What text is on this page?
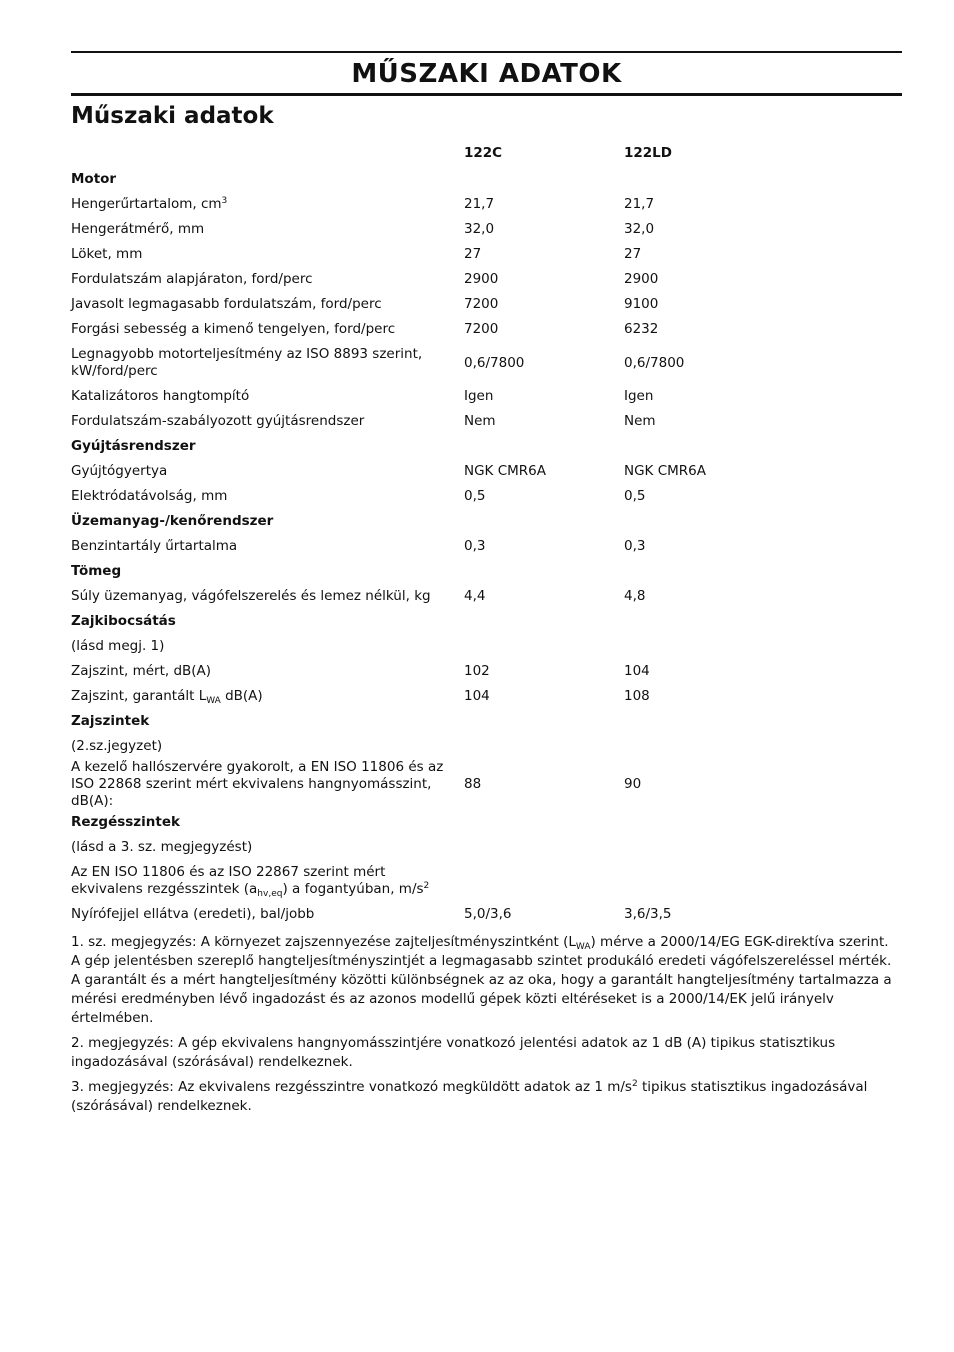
MŰSZAKI ADATOK
Műszaki adatok
	122C	122LD
Motor		
Hengerűrtartalom, $cm^3$	21,7	21,7
Hengerátmérő, mm	32,0	32,0
Löket, mm	27	27
Fordulatszám alapjáraton, ford/perc	2900	2900
Javasolt legmagasabb fordulatszám, ford/perc	7200	9100
Forgási sebesség a kimenő tengelyen, ford/perc	7200	6232
Legnagyobb motorteljesítmény az ISO 8893 szerint, kW/ford/perc	0,6/7800	0,6/7800
Katalizátoros hangtompító	Igen	Igen
Fordulatszám-szabályozott gyújtásrendszer	Nem	Nem
Gyújtásrendszer		
Gyújtógyertya	NGK CMR6A	NGK CMR6A
Elektródatávolság, mm	0,5	0,5
Üzemanyag-/kenőrendszer		
Benzintartály űrtartalma	0,3	0,3
Tömeg		
Súly üzemanyag, vágófelszerelés és lemez nélkül, kg	4,4	4,8
Zajkibocsátás		
(lásd megj. 1)		
Zajszint, mért, dB(A)	102	104
Zajszint, garantált $L_{WA}$ dB(A)	104	108
Zajszintek		
(2.sz.jegyzet)		
A kezelő hallószervére gyakorolt, a EN ISO 11806 és az ISO 22868 szerint mért ekvivalens hangnyomásszint, dB(A):	88	90
Rezgésszintek		
(lásd a 3. sz. megjegyzést)		
Az EN ISO 11806 és az ISO 22867 szerint mért ekvivalens rezgésszintek $(a_{hv,eq})$ a fogantyúban, $m/s^2$		
Nyírófejjel ellátva (eredeti), bal/jobb	5,0/3,6	3,6/3,5

1. sz. megjegyzés: A környezet zajszennyezése zajteljesítményszintként $(L_{WA})$ mérve a 2000/14/EG EGK-direktíva szerint. A gép jelentésben szereplő hangteljesítményszintjét a legmagasabb szintet produkáló eredeti vágófelszereléssel mérték. A garantált és a mért hangteljesítmény közötti különbségnek az az oka, hogy a garantált hangteljesítmény tartalmazza a mérési eredményben lévő ingadozást és az azonos modellű gépek közti eltéréseket is a 2000/14/EK jelű irányelv értelmében.

2. megjegyzés: A gép ekvivalens hangnyomásszintjére vonatkozó jelentési adatok az 1 dB (A) tipikus statisztikus ingadozásával (szórásával) rendelkeznek.

3. megjegyzés: Az ekvivalens rezgésszintre vonatkozó megküldött adatok az 1 $m/s^2$ tipikus statisztikus ingadozásával (szórásával) rendelkeznek.
